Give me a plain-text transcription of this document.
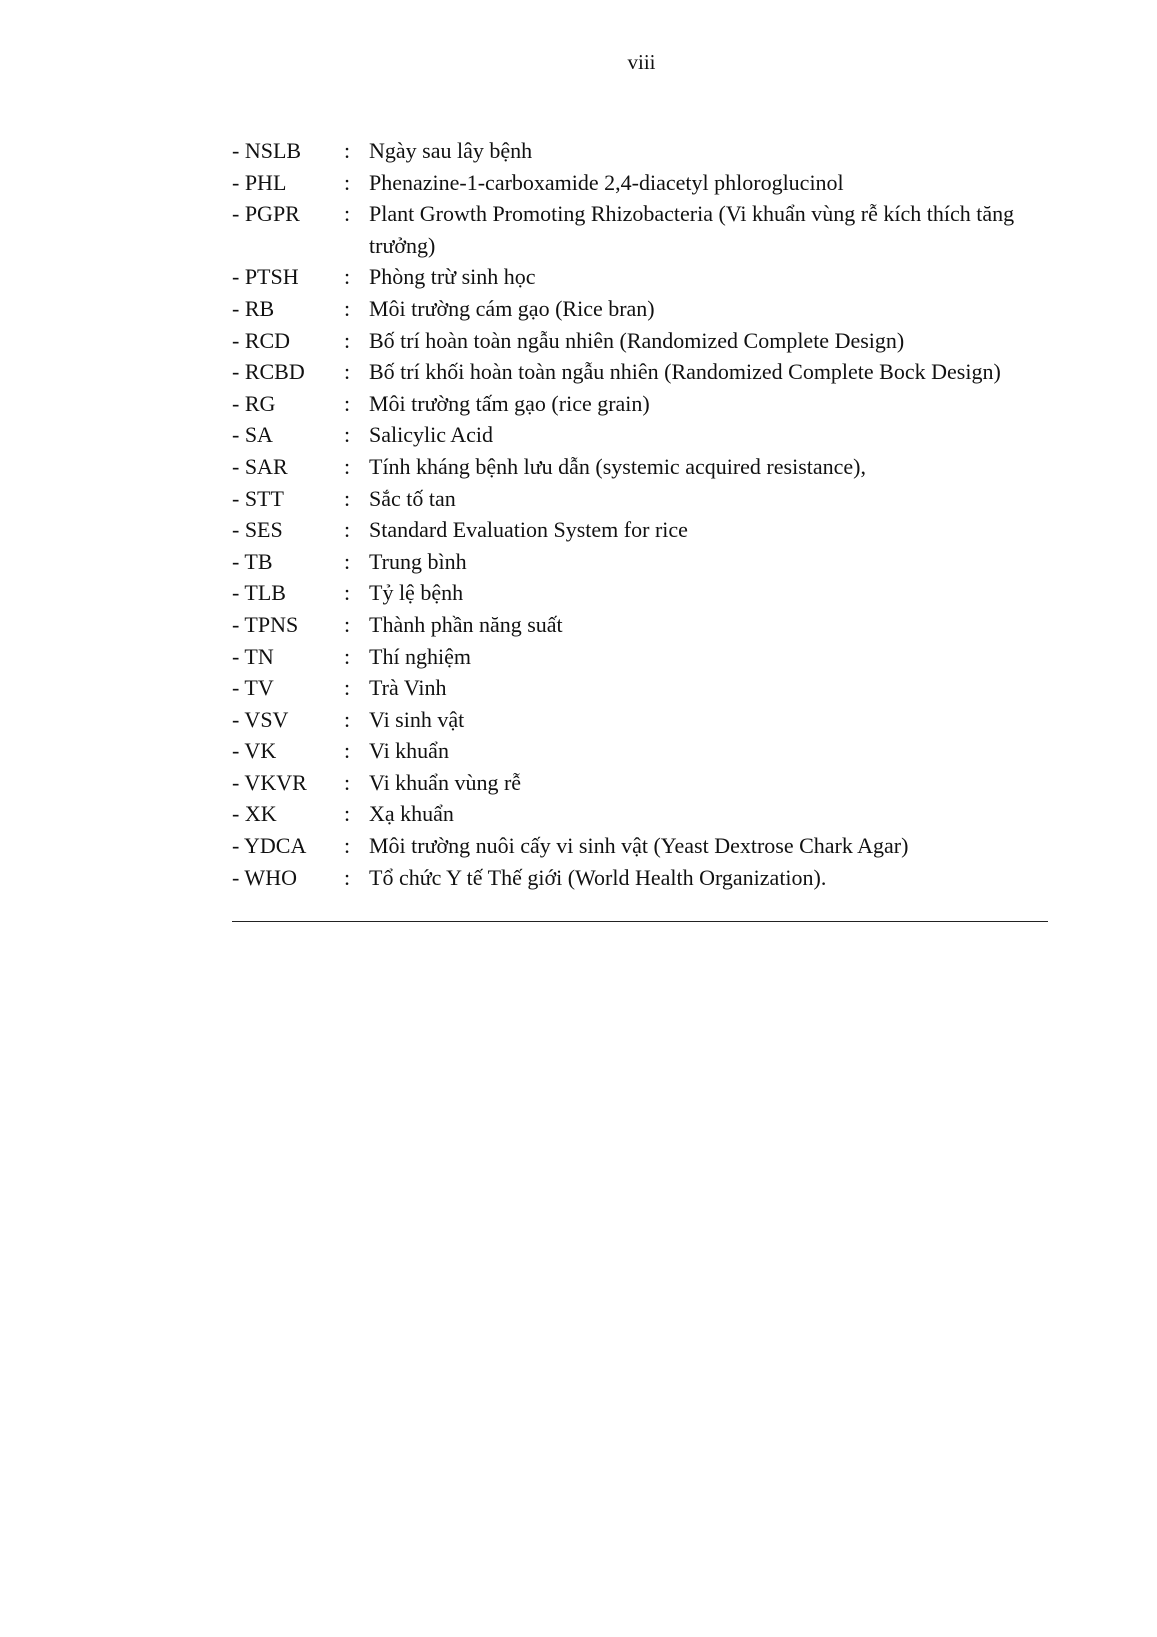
viii
- NSLB	: Ngày sau lây bệnh
- PHL	: Phenazine-1-carboxamide 2,4-diacetyl phloroglucinol
- PGPR	: Plant Growth Promoting Rhizobacteria (Vi khuẩn vùng rễ kích thích tăng trưởng)
- PTSH	: Phòng trừ sinh học
- RB	: Môi trường cám gạo (Rice bran)
- RCD	: Bố trí hoàn toàn ngẫu nhiên (Randomized Complete Design)
- RCBD	: Bố trí khối hoàn toàn ngẫu nhiên (Randomized Complete Bock Design)
- RG	: Môi trường tấm gạo (rice grain)
- SA	: Salicylic Acid
- SAR	: Tính kháng bệnh lưu dẫn (systemic acquired resistance),
- STT	: Sắc tố tan
- SES	: Standard Evaluation System for rice
- TB	: Trung bình
- TLB	: Tỷ lệ bệnh
- TPNS	: Thành phần năng suất
- TN	: Thí nghiệm
- TV	: Trà Vinh
- VSV	: Vi sinh vật
- VK	: Vi khuẩn
- VKVR	: Vi khuẩn vùng rễ
- XK	: Xạ khuẩn
- YDCA	: Môi trường nuôi cấy vi sinh vật (Yeast Dextrose Chark Agar)
- WHO	: Tổ chức Y tế Thế giới (World Health Organization).
